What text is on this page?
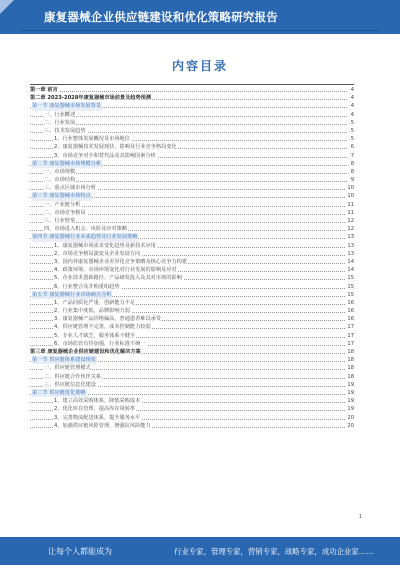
康复器械企业供应链建设和优化策略研究报告
内容目录
第一章 前言	4
第二章 2023-2028年康复器械市场前景及趋势预测	4
第一节 康复器械市场发展背景	4
一、行业概述	4
二、行业发展	5
三、技术发展趋势	5
1、行业整体发展概况及市场地位	5
2、康复器械技术发展现状、影响及行业竞争格局变化	6
3、市场竞争对手和替代品及其影响因素分析	7
第二节 康复器械市场规模分析	8
一、市场规模	8
二、市场结构	9
三、重点区域市场分析	10
第三节 康复器械市场特点	10
一、产业链分析	11
二、市场竞争格局	11
三、行业壁垒	12
四、市场进入机会、风险及应对策略	12
第四节 康复器械行业未来趋势及行业发展策略	13
1、康复器械市场需求变化趋势及新技术应用	13
2、市场竞争格局演变及企业发展方向	13
3、国内外康复器械企业差异化竞争策略及核心竞争力构建	14
4、政策环境、市场环境变化对行业发展的影响及应对	14
5、企业技术创新路径、产品研发投入及其对市场的影响	15
6、行业整合及并购重组趋势	15
第五节 康复器械行业市场痛点分析	15
1、产品同质化严重，创新能力不足	16
2、行业集中度低，品牌影响力弱	16
3、康复器械产品价格偏高，普通患者难以承受	16
4、供应链管理不完善，成本控制能力较弱	17
5、专业人才缺乏，服务体系不健全	17
6、市场监管有待加强，行业标准不统一	17
第三章 康复器械企业供应链建设和优化解决方案	18
第一节 供应链体系建设现状	18
一、供应链管理模式	18
二、供应链合作伙伴关系	18
三、供应链信息化建设	19
第二节 供应链优化策略	19
1、建立高效采购体系，降低采购成本	19
2、优化库存管理，提高库存周转率	19
3、完善物流配送体系，提升服务水平	20
4、加强供应链风险管理，增强抗风险能力	20
1
让每个人都能成为	行业专家，管理专家，营销专家，战略专家，成功企业家……
